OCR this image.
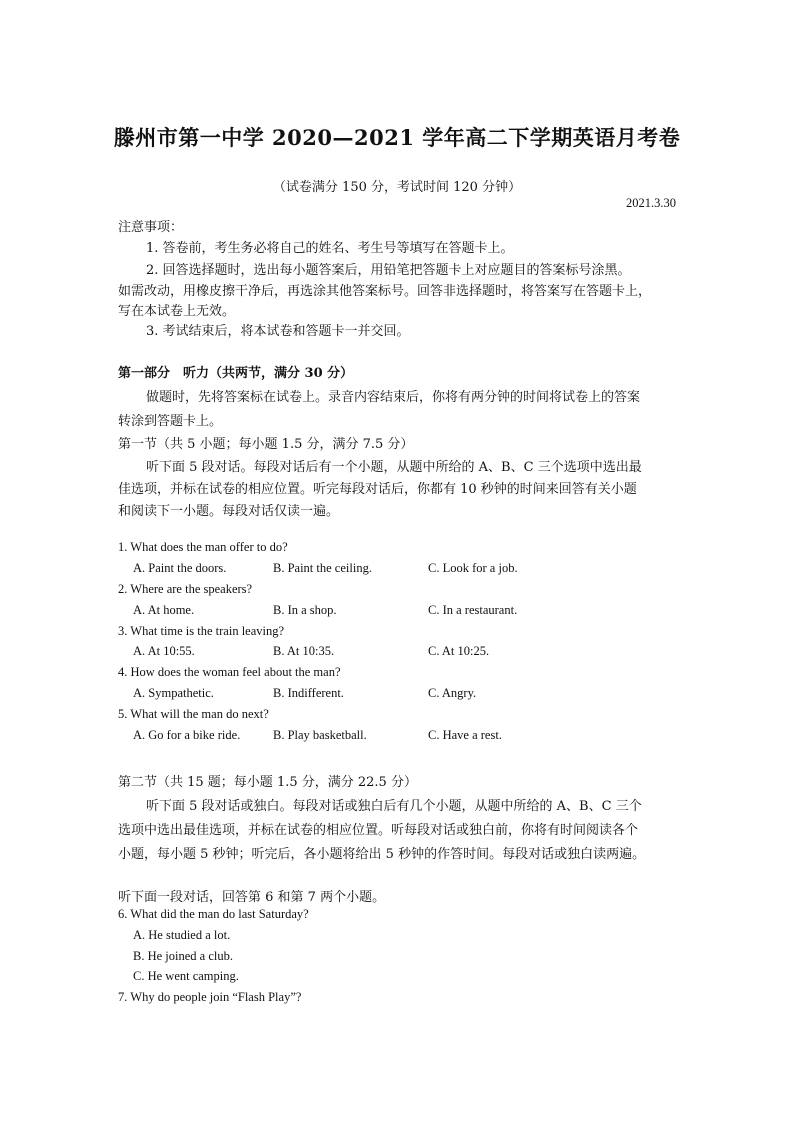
滕州市第一中学 2020—2021 学年高二下学期英语月考卷
（试卷满分 150 分，考试时间 120 分钟）
2021.3.30
注意事项：
1. 答卷前，考生务必将自己的姓名、考生号等填写在答题卡上。
2. 回答选择题时，选出每小题答案后，用铅笔把答题卡上对应题目的答案标号涂黑。
如需改动，用橡皮擦干净后，再选涂其他答案标号。回答非选择题时，将答案写在答题卡上，
写在本试卷上无效。
3. 考试结束后，将本试卷和答题卡一并交回。
第一部分　听力（共两节，满分 30 分）
做题时，先将答案标在试卷上。录音内容结束后，你将有两分钟的时间将试卷上的答案
转涂到答题卡上。
第一节（共 5 小题；每小题 1.5 分，满分 7.5 分）
听下面 5 段对话。每段对话后有一个小题，从题中所给的 A、B、C 三个选项中选出最
佳选项，并标在试卷的相应位置。听完每段对话后，你都有 10 秒钟的时间来回答有关小题
和阅读下一小题。每段对话仅读一遍。
1. What does the man offer to do?
A. Paint the doors.	B. Paint the ceiling.	C. Look for a job.
2. Where are the speakers?
A. At home.	B. In a shop.	C. In a restaurant.
3. What time is the train leaving?
A. At 10:55.	B. At 10:35.	C. At 10:25.
4. How does the woman feel about the man?
A. Sympathetic.	B. Indifferent.	C. Angry.
5. What will the man do next?
A. Go for a bike ride.	B. Play basketball.	C. Have a rest.
第二节（共 15 题；每小题 1.5 分，满分 22.5 分）
听下面 5 段对话或独白。每段对话或独白后有几个小题，从题中所给的 A、B、C 三个
选项中选出最佳选项，并标在试卷的相应位置。听每段对话或独白前，你将有时间阅读各个
小题，每小题 5 秒钟；听完后，各小题将给出 5 秒钟的作答时间。每段对话或独白读两遍。
听下面一段对话，回答第 6 和第 7 两个小题。
6. What did the man do last Saturday?
A. He studied a lot.
B. He joined a club.
C. He went camping.
7. Why do people join “Flash Play”?
